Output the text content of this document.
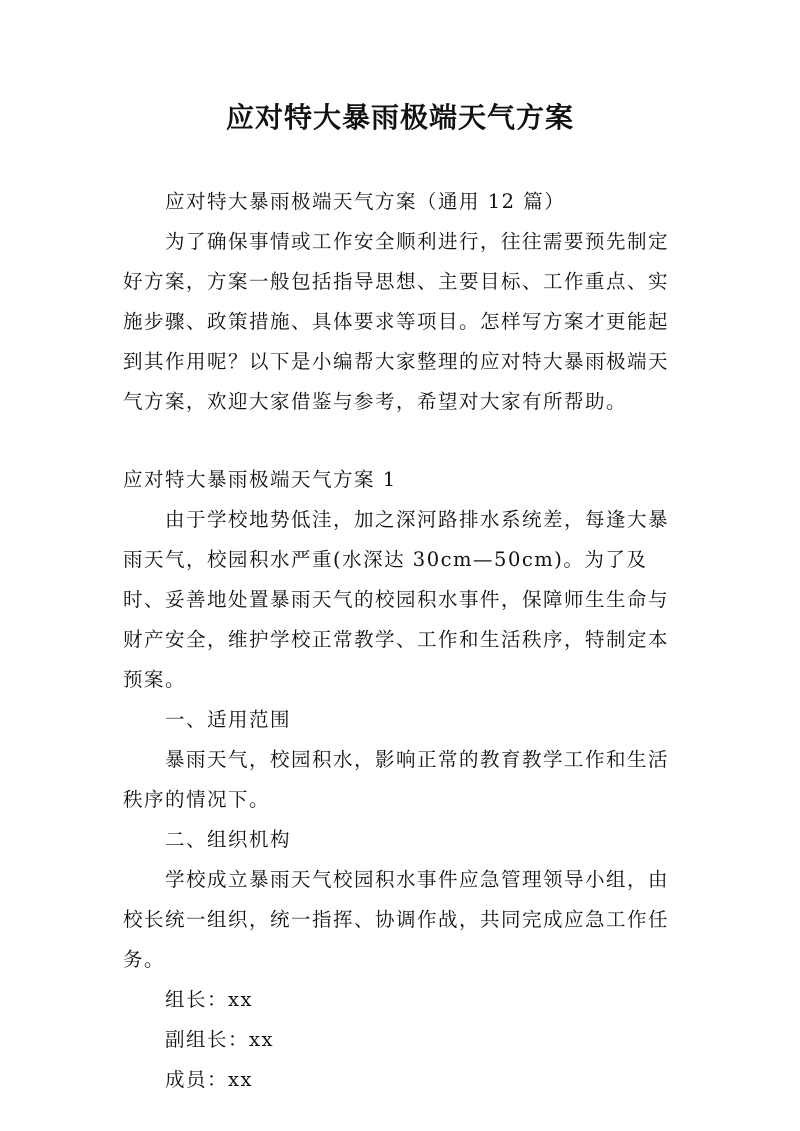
应对特大暴雨极端天气方案

应对特大暴雨极端天气方案（通用 12 篇）

为了确保事情或工作安全顺利进行，往往需要预先制定好方案，方案一般包括指导思想、主要目标、工作重点、实施步骤、政策措施、具体要求等项目。怎样写方案才更能起到其作用呢？以下是小编帮大家整理的应对特大暴雨极端天气方案，欢迎大家借鉴与参考，希望对大家有所帮助。

应对特大暴雨极端天气方案 1

由于学校地势低洼，加之深河路排水系统差，每逢大暴雨天气，校园积水严重(水深达 30cm—50cm)。为了及时、妥善地处置暴雨天气的校园积水事件，保障师生生命与财产安全，维护学校正常教学、工作和生活秩序，特制定本预案。

一、适用范围

暴雨天气，校园积水，影响正常的教育教学工作和生活秩序的情况下。

二、组织机构

学校成立暴雨天气校园积水事件应急管理领导小组，由校长统一组织，统一指挥、协调作战，共同完成应急工作任务。

组长：xx

副组长：xx

成员：xx
